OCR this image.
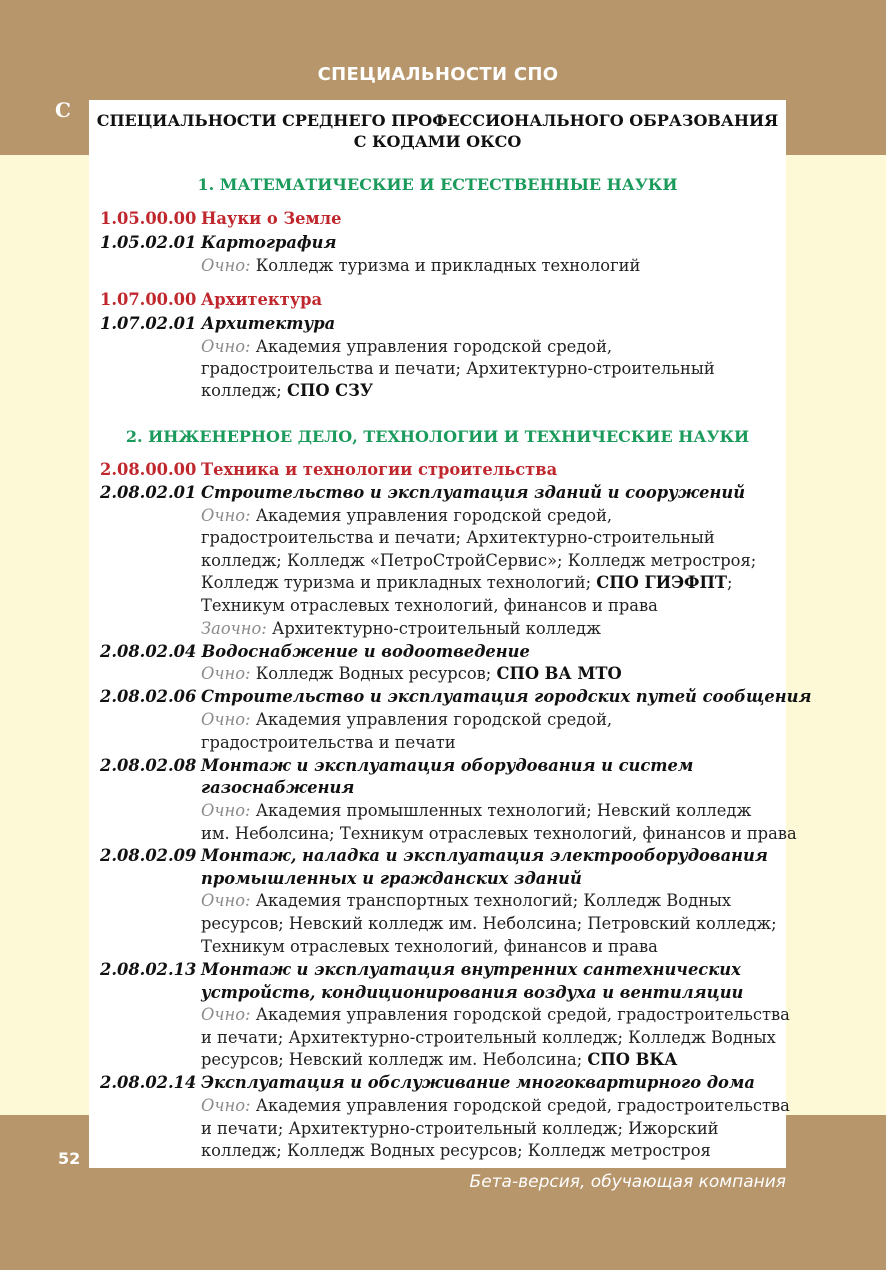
СПЕЦИАЛЬНОСТИ СПО
С
52
Бета-версия, обучающая компания
СПЕЦИАЛЬНОСТИ СРЕДНЕГО ПРОФЕССИОНАЛЬНОГО ОБРАЗОВАНИЯ
С КОДАМИ ОКСО
1. МАТЕМАТИЧЕСКИЕ И ЕСТЕСТВЕННЫЕ НАУКИ
1.05.00.00 Науки о Земле
1.05.02.01 Картография
Очно: Колледж туризма и прикладных технологий
1.07.00.00 Архитектура
1.07.02.01 Архитектура
Очно: Академия управления городской средой,
градостроительства и печати; Архитектурно-строительный
колледж; СПО СЗУ
2. ИНЖЕНЕРНОЕ ДЕЛО, ТЕХНОЛОГИИ И ТЕХНИЧЕСКИЕ НАУКИ
2.08.00.00 Техника и технологии строительства
2.08.02.01 Строительство и эксплуатация зданий и сооружений
Очно: Академия управления городской средой,
градостроительства и печати; Архитектурно-строительный
колледж; Колледж «ПетроСтройСервис»; Колледж метростроя;
Колледж туризма и прикладных технологий; СПО ГИЭФПТ;
Техникум отраслевых технологий, финансов и права
Заочно: Архитектурно-строительный колледж
2.08.02.04 Водоснабжение и водоотведение
Очно: Колледж Водных ресурсов; СПО ВА МТО
2.08.02.06 Строительство и эксплуатация городских путей сообщения
Очно: Академия управления городской средой,
градостроительства и печати
2.08.02.08 Монтаж и эксплуатация оборудования и систем
газоснабжения
Очно: Академия промышленных технологий; Невский колледж
им. Неболсина; Техникум отраслевых технологий, финансов и права
2.08.02.09 Монтаж, наладка и эксплуатация электрооборудования
промышленных и гражданских зданий
Очно: Академия транспортных технологий; Колледж Водных
ресурсов; Невский колледж им. Неболсина; Петровский колледж;
Техникум отраслевых технологий, финансов и права
2.08.02.13 Монтаж и эксплуатация внутренних сантехнических
устройств, кондиционирования воздуха и вентиляции
Очно: Академия управления городской средой, градостроительства
и печати; Архитектурно-строительный колледж; Колледж Водных
ресурсов; Невский колледж им. Неболсина; СПО ВКА
2.08.02.14 Эксплуатация и обслуживание многоквартирного дома
Очно: Академия управления городской средой, градостроительства
и печати; Архитектурно-строительный колледж; Ижорский
колледж; Колледж Водных ресурсов; Колледж метростроя
